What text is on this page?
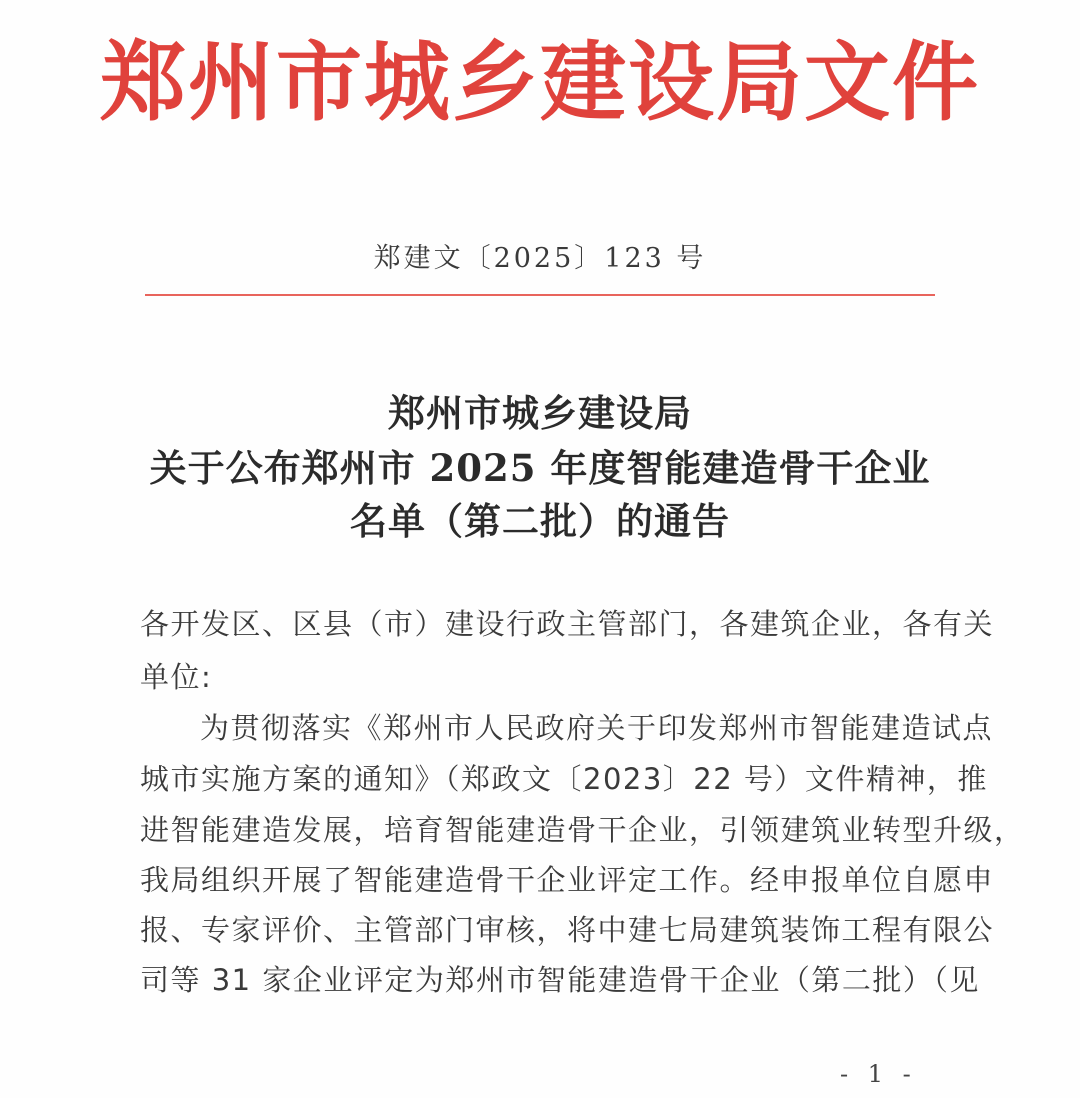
郑州市城乡建设局文件
郑建文〔2025〕123 号
郑州市城乡建设局
关于公布郑州市 2025 年度智能建造骨干企业
名单（第二批）的通告
各开发区、区县（市）建设行政主管部门，各建筑企业，各有关
单位:
为贯彻落实《郑州市人民政府关于印发郑州市智能建造试点
城市实施方案的通知》（郑政文〔2023〕22 号）文件精神，推
进智能建造发展，培育智能建造骨干企业，引领建筑业转型升级，
我局组织开展了智能建造骨干企业评定工作。经申报单位自愿申
报、专家评价、主管部门审核，将中建七局建筑装饰工程有限公
司等 31 家企业评定为郑州市智能建造骨干企业（第二批）（见
- 1 -
